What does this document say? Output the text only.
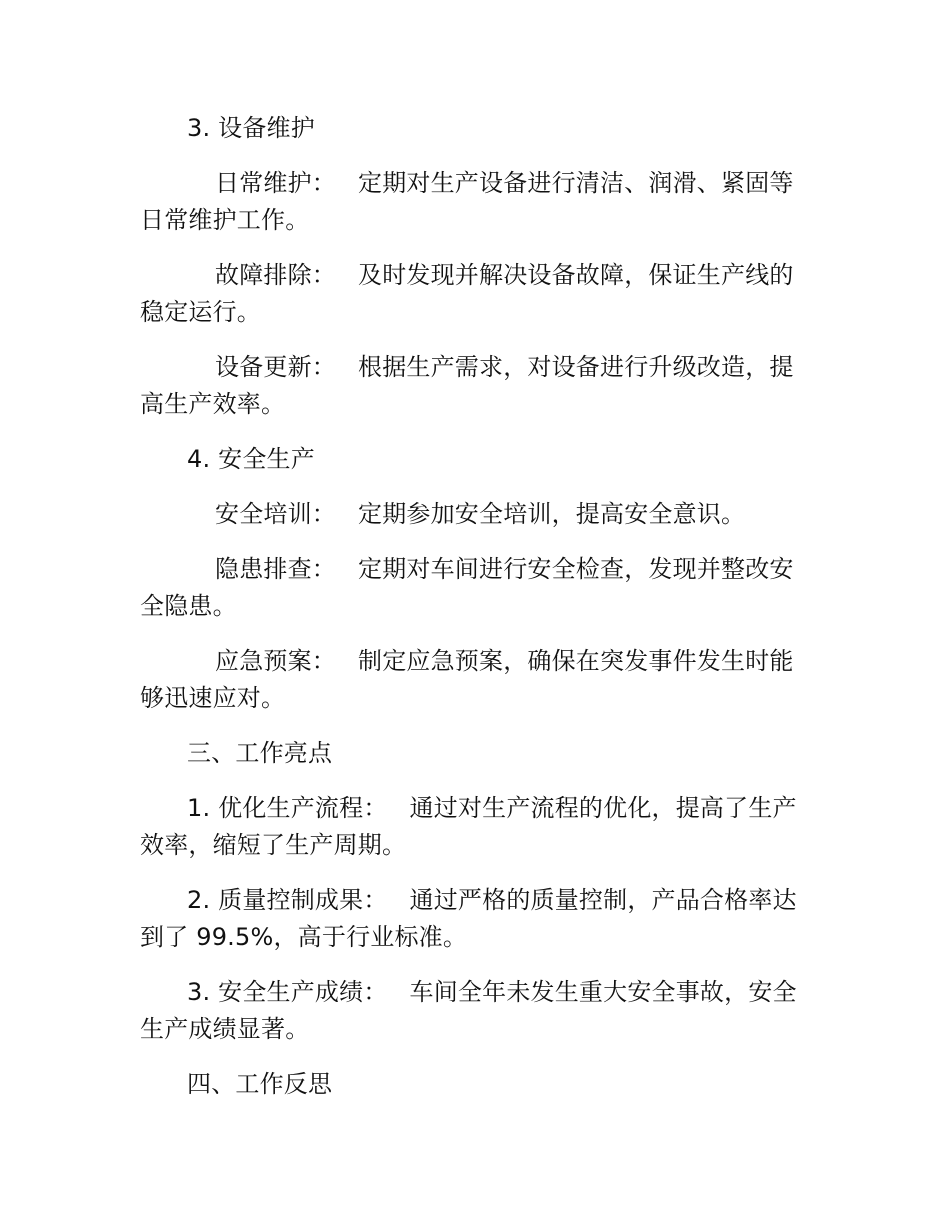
3. 设备维护

日常维护： 定期对生产设备进行清洁、润滑、紧固等日常维护工作。

故障排除： 及时发现并解决设备故障，保证生产线的稳定运行。

设备更新： 根据生产需求，对设备进行升级改造，提高生产效率。

4. 安全生产

安全培训： 定期参加安全培训，提高安全意识。

隐患排查： 定期对车间进行安全检查，发现并整改安全隐患。

应急预案： 制定应急预案，确保在突发事件发生时能够迅速应对。

三、工作亮点

1. 优化生产流程： 通过对生产流程的优化，提高了生产效率，缩短了生产周期。

2. 质量控制成果： 通过严格的质量控制，产品合格率达到了 99.5%，高于行业标准。

3. 安全生产成绩： 车间全年未发生重大安全事故，安全生产成绩显著。

四、工作反思
